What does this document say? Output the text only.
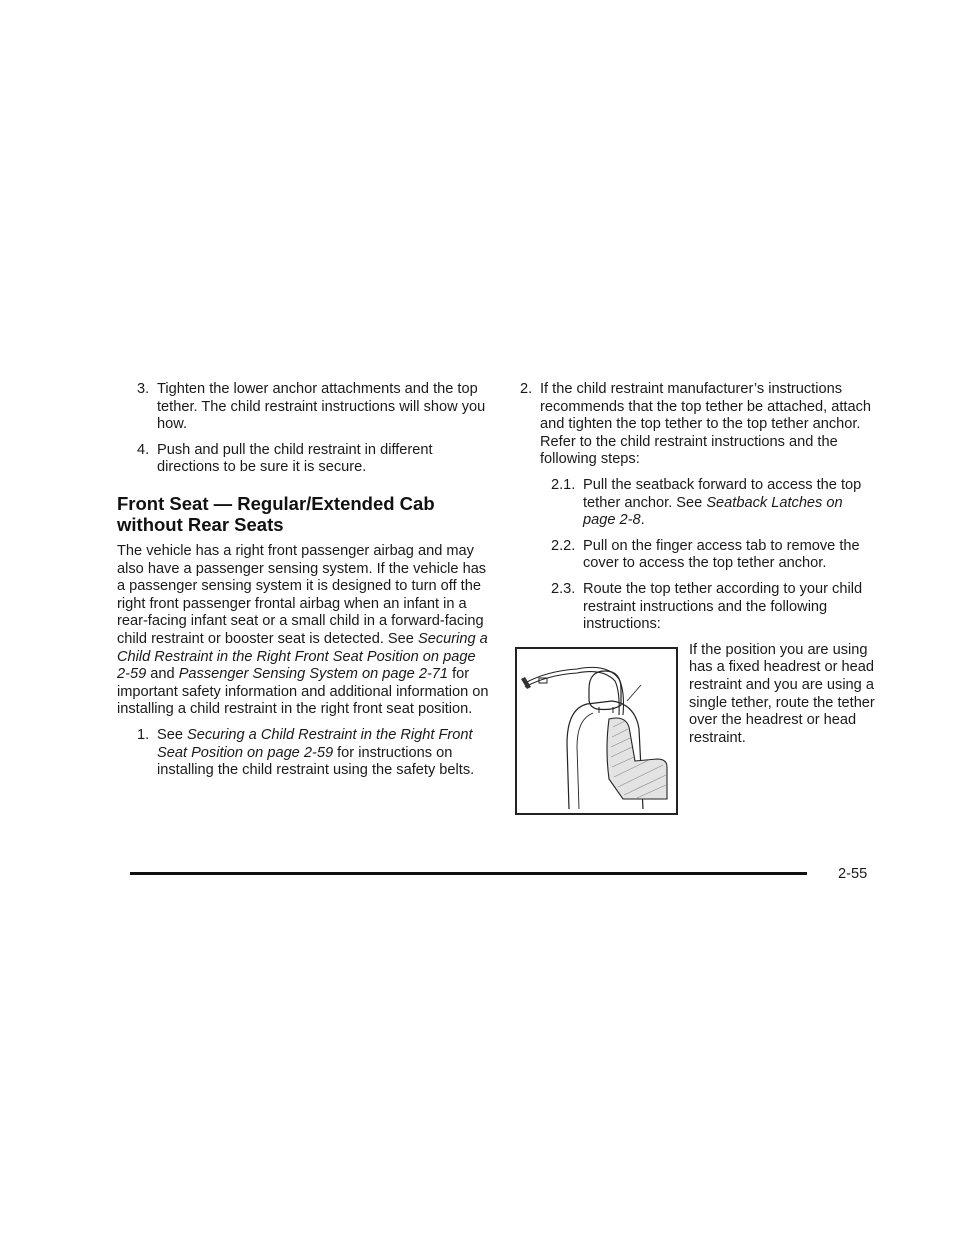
3. Tighten the lower anchor attachments and the top tether. The child restraint instructions will show you how.
4. Push and pull the child restraint in different directions to be sure it is secure.
Front Seat — Regular/Extended Cab without Rear Seats

The vehicle has a right front passenger airbag and may also have a passenger sensing system. If the vehicle has a passenger sensing system it is designed to turn off the right front passenger frontal airbag when an infant in a rear-facing infant seat or a small child in a forward-facing child restraint or booster seat is detected. See Securing a Child Restraint in the Right Front Seat Position on page 2-59 and Passenger Sensing System on page 2-71 for important safety information and additional information on installing a child restraint in the right front seat position.

1. See Securing a Child Restraint in the Right Front Seat Position on page 2-59 for instructions on installing the child restraint using the safety belts.
2. If the child restraint manufacturer’s instructions recommends that the top tether be attached, attach and tighten the top tether to the top tether anchor. Refer to the child restraint instructions and the following steps:
2.1. Pull the seatback forward to access the top tether anchor. See Seatback Latches on page 2-8.
2.2. Pull on the finger access tab to remove the cover to access the top tether anchor.
2.3. Route the top tether according to your child restraint instructions and the following instructions:
If the position you are using has a fixed headrest or head restraint and you are using a single tether, route the tether over the headrest or head restraint.
2-55
